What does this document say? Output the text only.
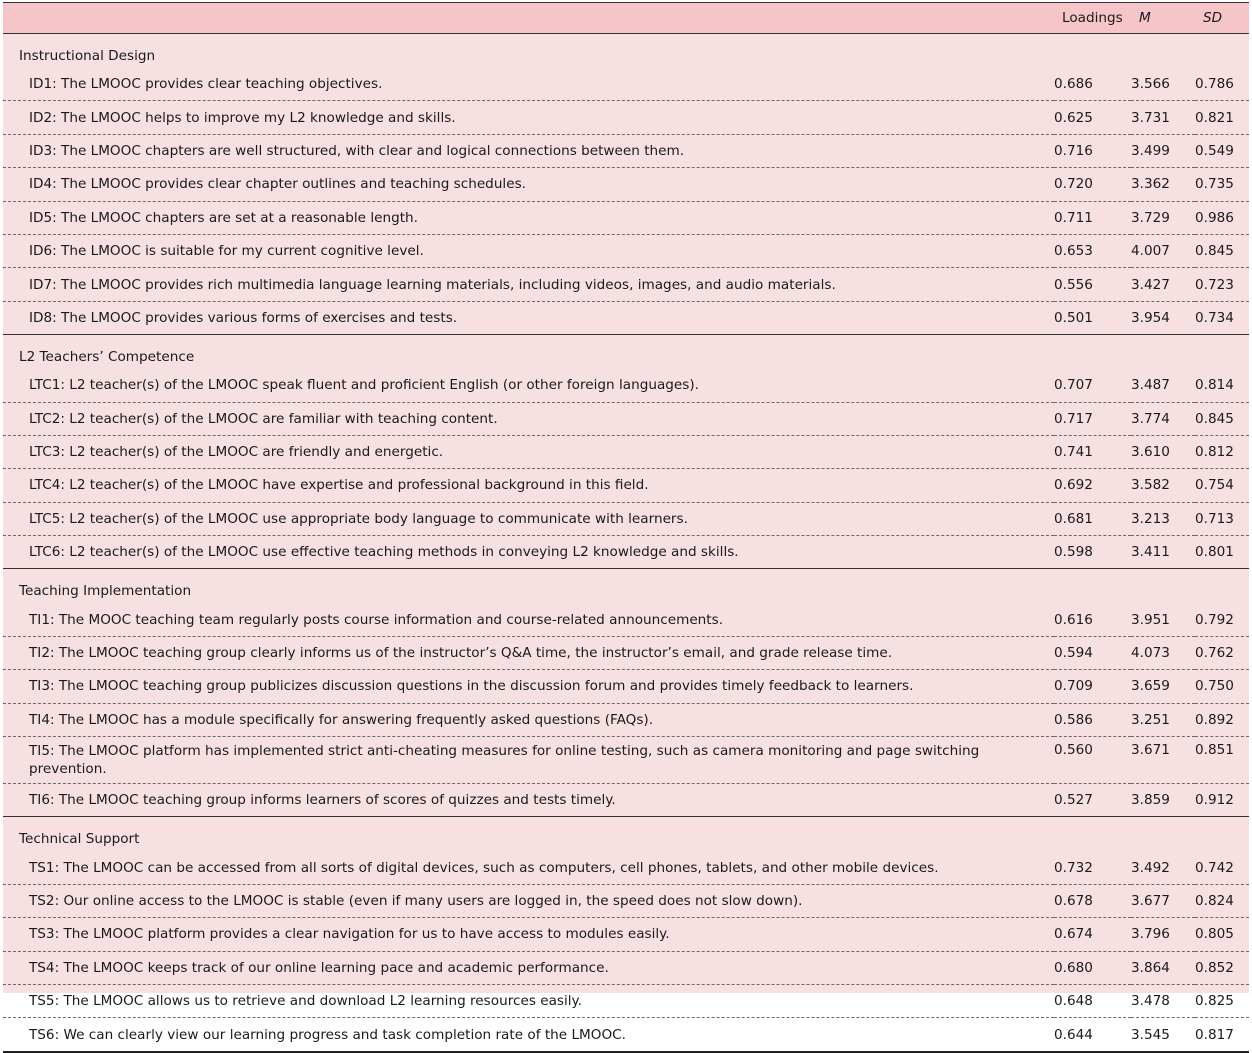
	Loadings	M	SD
Instructional Design			
ID1: The LMOOC provides clear teaching objectives.	0.686	3.566	0.786
ID2: The LMOOC helps to improve my L2 knowledge and skills.	0.625	3.731	0.821
ID3: The LMOOC chapters are well structured, with clear and logical connections between them.	0.716	3.499	0.549
ID4: The LMOOC provides clear chapter outlines and teaching schedules.	0.720	3.362	0.735
ID5: The LMOOC chapters are set at a reasonable length.	0.711	3.729	0.986
ID6: The LMOOC is suitable for my current cognitive level.	0.653	4.007	0.845
ID7: The LMOOC provides rich multimedia language learning materials, including videos, images, and audio materials.	0.556	3.427	0.723
ID8: The LMOOC provides various forms of exercises and tests.	0.501	3.954	0.734
L2 Teachers’ Competence			
LTC1: L2 teacher(s) of the LMOOC speak fluent and proficient English (or other foreign languages).	0.707	3.487	0.814
LTC2: L2 teacher(s) of the LMOOC are familiar with teaching content.	0.717	3.774	0.845
LTC3: L2 teacher(s) of the LMOOC are friendly and energetic.	0.741	3.610	0.812
LTC4: L2 teacher(s) of the LMOOC have expertise and professional background in this field.	0.692	3.582	0.754
LTC5: L2 teacher(s) of the LMOOC use appropriate body language to communicate with learners.	0.681	3.213	0.713
LTC6: L2 teacher(s) of the LMOOC use effective teaching methods in conveying L2 knowledge and skills.	0.598	3.411	0.801
Teaching Implementation			
TI1: The MOOC teaching team regularly posts course information and course-related announcements.	0.616	3.951	0.792
TI2: The LMOOC teaching group clearly informs us of the instructor’s Q&A time, the instructor’s email, and grade release time.	0.594	4.073	0.762
TI3: The LMOOC teaching group publicizes discussion questions in the discussion forum and provides timely feedback to learners.	0.709	3.659	0.750
TI4: The LMOOC has a module specifically for answering frequently asked questions (FAQs).	0.586	3.251	0.892
TI5: The LMOOC platform has implemented strict anti-cheating measures for online testing, such as camera monitoring and page switching prevention.	0.560	3.671	0.851
TI6: The LMOOC teaching group informs learners of scores of quizzes and tests timely.	0.527	3.859	0.912
Technical Support			
TS1: The LMOOC can be accessed from all sorts of digital devices, such as computers, cell phones, tablets, and other mobile devices.	0.732	3.492	0.742
TS2: Our online access to the LMOOC is stable (even if many users are logged in, the speed does not slow down).	0.678	3.677	0.824
TS3: The LMOOC platform provides a clear navigation for us to have access to modules easily.	0.674	3.796	0.805
TS4: The LMOOC keeps track of our online learning pace and academic performance.	0.680	3.864	0.852
TS5: The LMOOC allows us to retrieve and download L2 learning resources easily.	0.648	3.478	0.825
TS6: We can clearly view our learning progress and task completion rate of the LMOOC.	0.644	3.545	0.817
